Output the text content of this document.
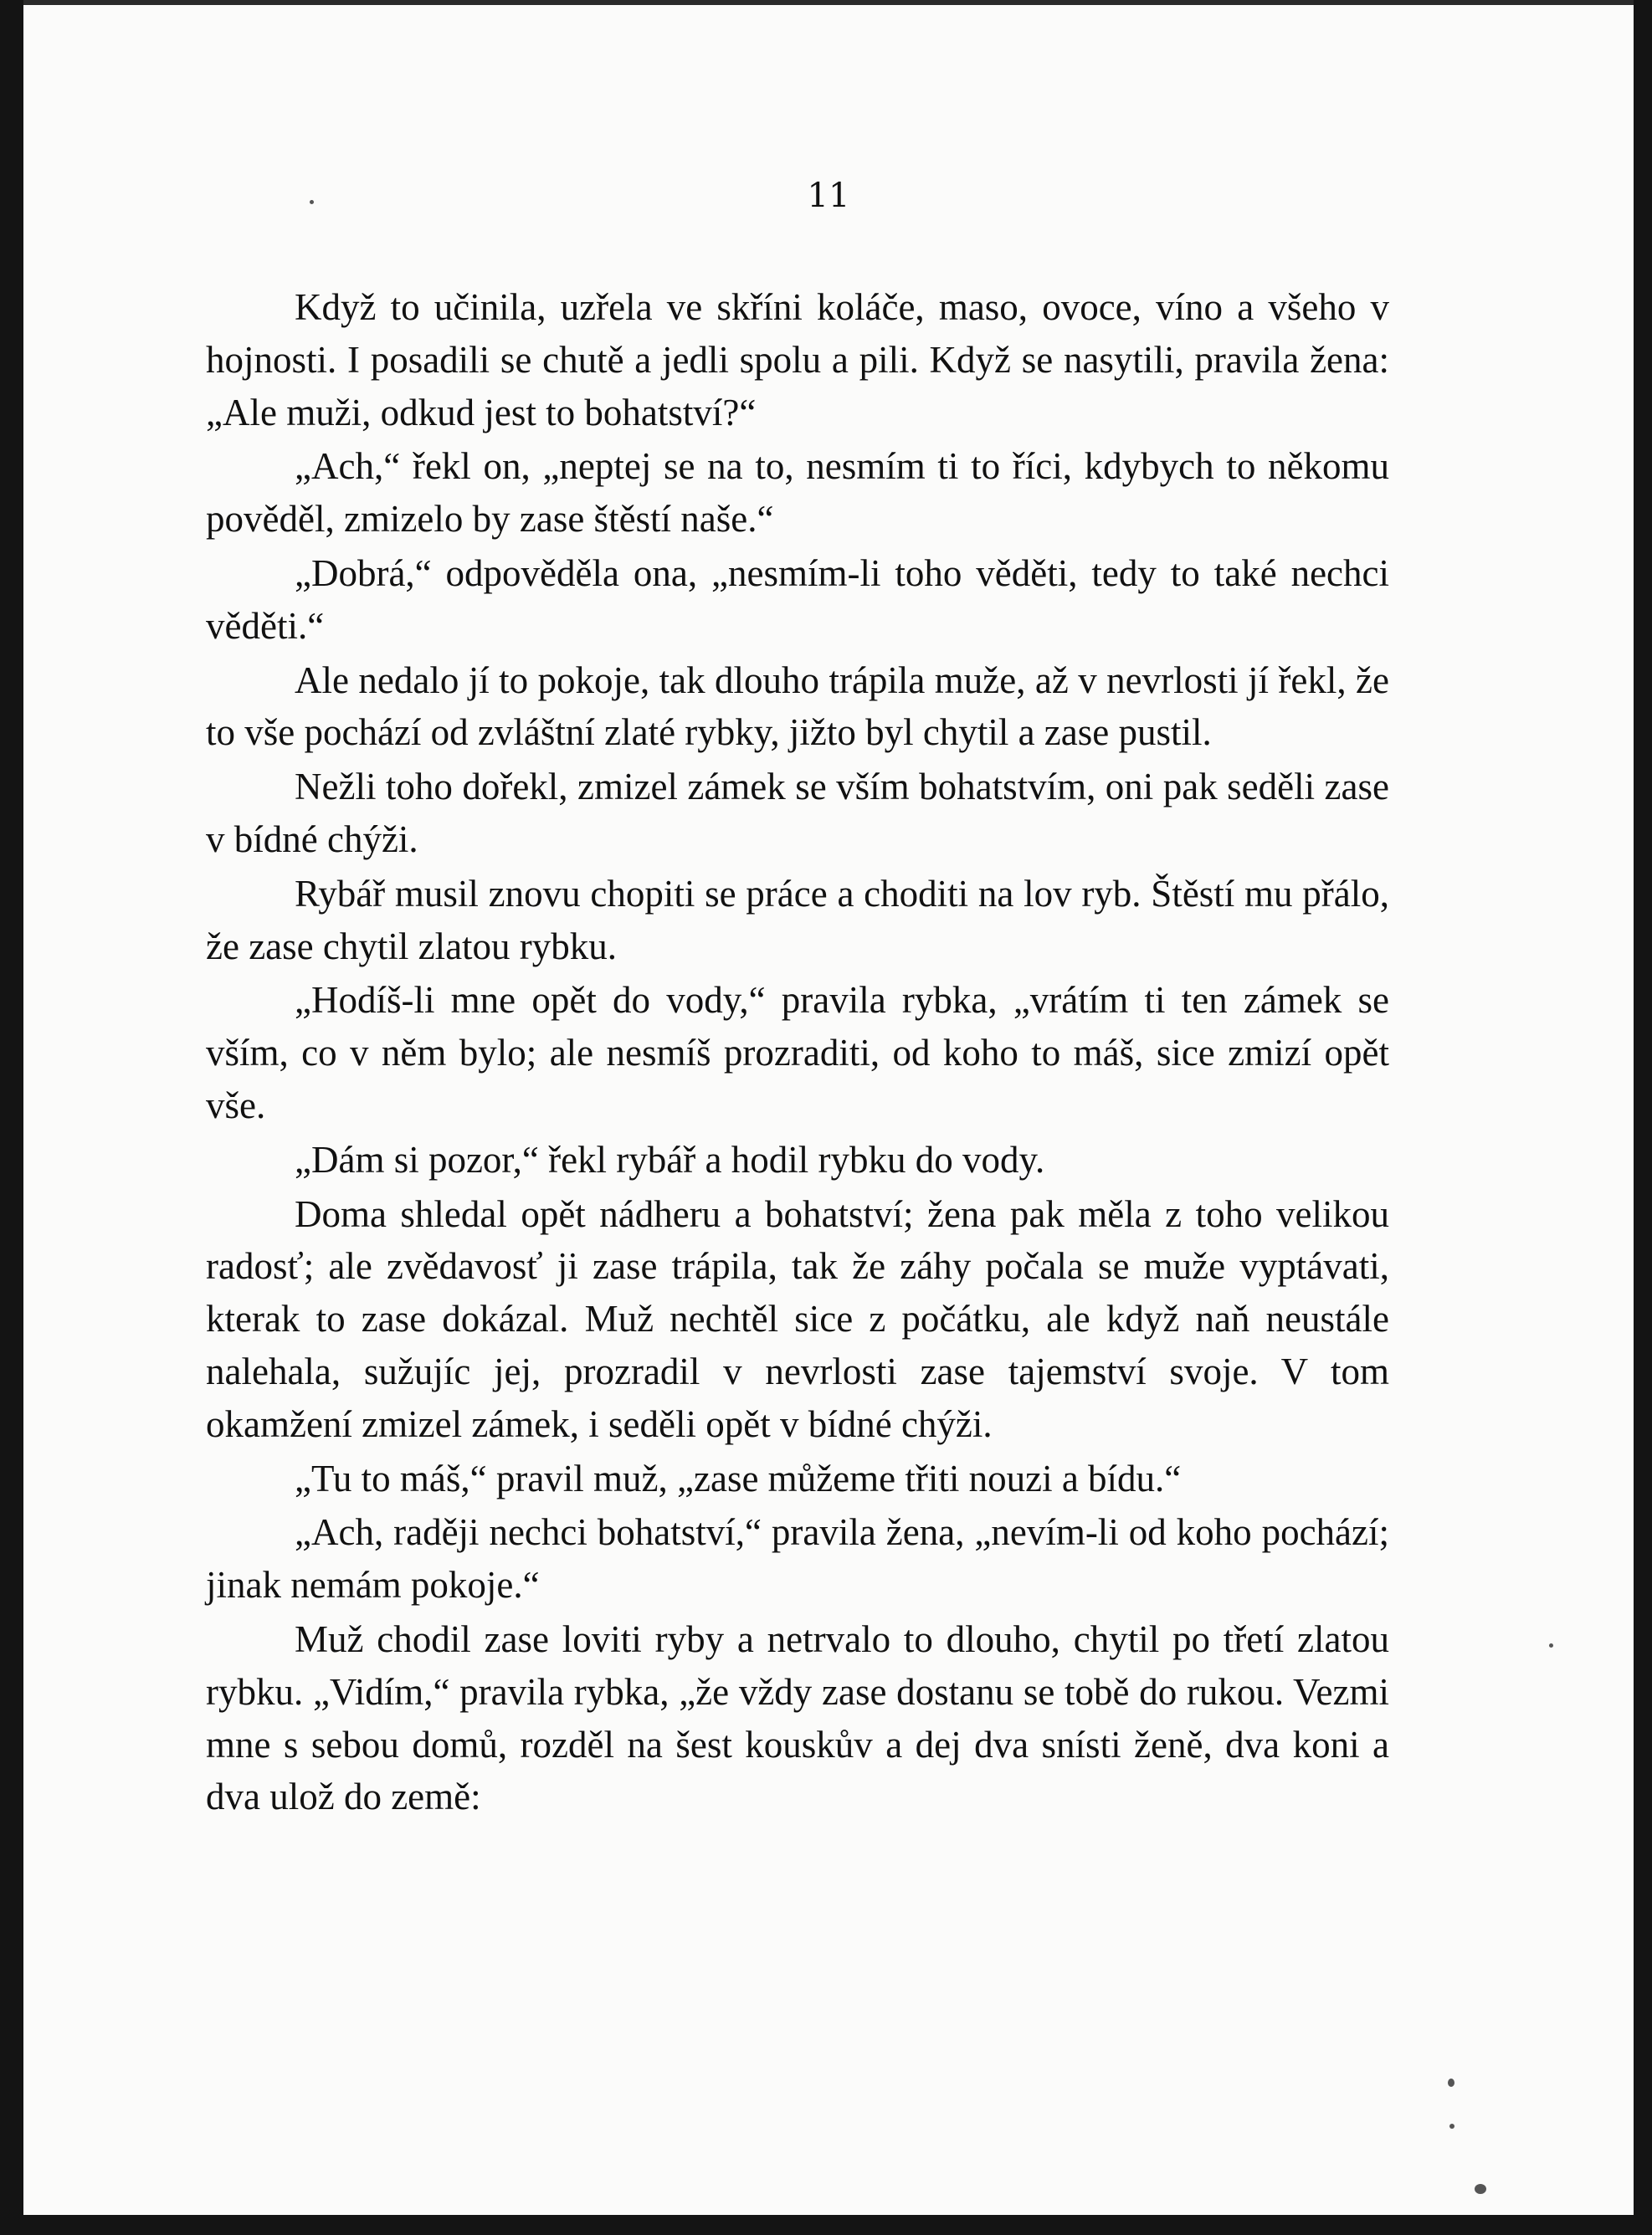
11

Když to učinila, uzřela ve skříni koláče, maso, ovoce, víno a všeho v hojnosti. I posadili se chutě a jedli spolu a pili. Když se nasytili, pravila žena: „Ale muži, odkud jest to bohatství?“

„Ach,“ řekl on, „neptej se na to, nesmím ti to říci, kdybych to někomu pověděl, zmizelo by zase štěstí naše.“

„Dobrá,“ odpověděla ona, „nesmím-li toho věděti, tedy to také nechci věděti.“

Ale nedalo jí to pokoje, tak dlouho trápila muže, až v nevrlosti jí řekl, že to vše pochází od zvláštní zlaté rybky, jižto byl chytil a zase pustil.

Nežli toho dořekl, zmizel zámek se vším bohatstvím, oni pak seděli zase v bídné chýži.

Rybář musil znovu chopiti se práce a choditi na lov ryb. Štěstí mu přálo, že zase chytil zlatou rybku.

„Hodíš-li mne opět do vody,“ pravila rybka, „vrátím ti ten zámek se vším, co v něm bylo; ale nesmíš prozraditi, od koho to máš, sice zmizí opět vše.

„Dám si pozor,“ řekl rybář a hodil rybku do vody.

Doma shledal opět nádheru a bohatství; žena pak měla z toho velikou radosť; ale zvědavosť ji zase trápila, tak že záhy počala se muže vyptávati, kterak to zase dokázal. Muž nechtěl sice z počátku, ale když naň neustále nalehala, sužujíc jej, prozradil v nevrlosti zase tajemství svoje. V tom okamžení zmizel zámek, i seděli opět v bídné chýži.

„Tu to máš,“ pravil muž, „zase můžeme třiti nouzi a bídu.“

„Ach, raději nechci bohatství,“ pravila žena, „nevím-li od koho pochází; jinak nemám pokoje.“

Muž chodil zase loviti ryby a netrvalo to dlouho, chytil po třetí zlatou rybku. „Vidím,“ pravila rybka, „že vždy zase dostanu se tobě do rukou. Vezmi mne s sebou domů, rozděl na šest kouskův a dej dva snísti ženě, dva koni a dva ulož do země:
